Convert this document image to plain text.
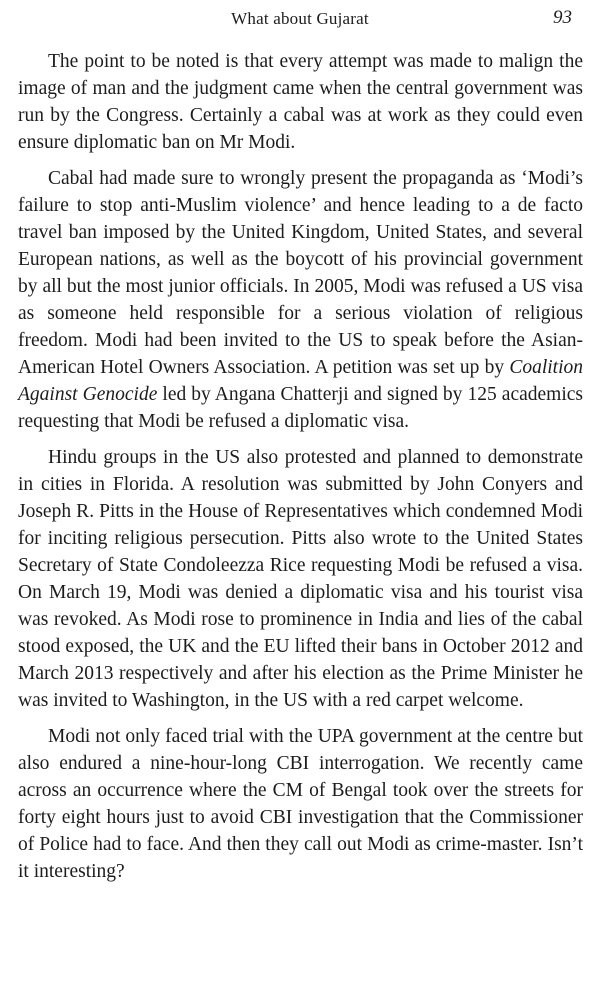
What about Gujarat	93

The point to be noted is that every attempt was made to malign the image of man and the judgment came when the central government was run by the Congress. Certainly a cabal was at work as they could even ensure diplomatic ban on Mr Modi.

Cabal had made sure to wrongly present the propaganda as ‘Modi’s failure to stop anti-Muslim violence’ and hence leading to a de facto travel ban imposed by the United Kingdom, United States, and several European nations, as well as the boycott of his provincial government by all but the most junior officials. In 2005, Modi was refused a US visa as someone held responsible for a serious violation of religious freedom. Modi had been invited to the US to speak before the Asian-American Hotel Owners Association. A petition was set up by Coalition Against Genocide led by Angana Chatterji and signed by 125 academics requesting that Modi be refused a diplomatic visa.

Hindu groups in the US also protested and planned to demonstrate in cities in Florida. A resolution was submitted by John Conyers and Joseph R. Pitts in the House of Representatives which condemned Modi for inciting religious persecution. Pitts also wrote to the United States Secretary of State Condoleezza Rice requesting Modi be refused a visa. On March 19, Modi was denied a diplomatic visa and his tourist visa was revoked. As Modi rose to prominence in India and lies of the cabal stood exposed, the UK and the EU lifted their bans in October 2012 and March 2013 respectively and after his election as the Prime Minister he was invited to Washington, in the US with a red carpet welcome.

Modi not only faced trial with the UPA government at the centre but also endured a nine-hour-long CBI interrogation. We recently came across an occurrence where the CM of Bengal took over the streets for forty eight hours just to avoid CBI investigation that the Commissioner of Police had to face. And then they call out Modi as crime-master. Isn’t it interesting?
